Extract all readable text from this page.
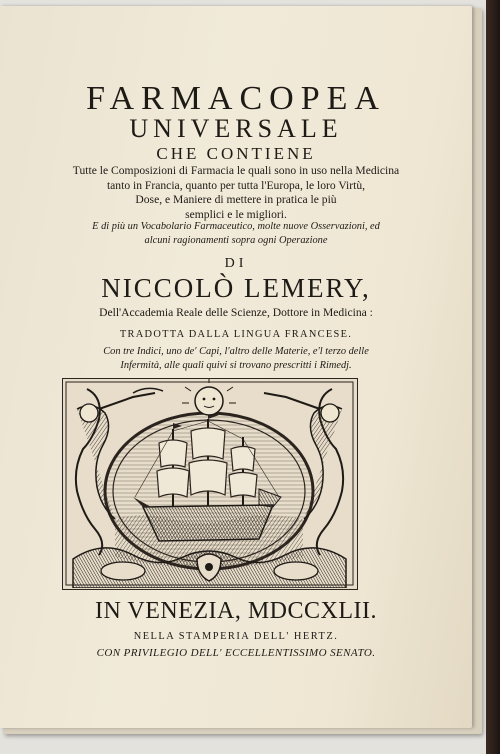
FARMACOPEA
UNIVERSALE
CHE CONTIENE
Tutte le Composizioni di Farmacia le quali sono in uso nella Medicina
tanto in Francia, quanto per tutta l'Europa, le loro Virtù,
Dose, e Maniere di mettere in pratica le più
semplici e le migliori.
E di più un Vocabolario Farmaceutico, molte nuove Osservazioni, ed
alcuni ragionamenti sopra ogni Operazione
DI
NICCOLÒ LEMERY,
Dell'Accademia Reale delle Scienze, Dottore in Medicina :
TRADOTTA DALLA LINGUA FRANCESE.
Con tre Indici, uno de' Capi, l'altro delle Materie, e'l terzo delle
Infermità, alle quali quivi si trovano prescritti i Rimedj.
IN VENEZIA, MDCCXLII.
NELLA STAMPERIA DELL' HERTZ.
CON PRIVILEGIO DELL' ECCELLENTISSIMO SENATO.
